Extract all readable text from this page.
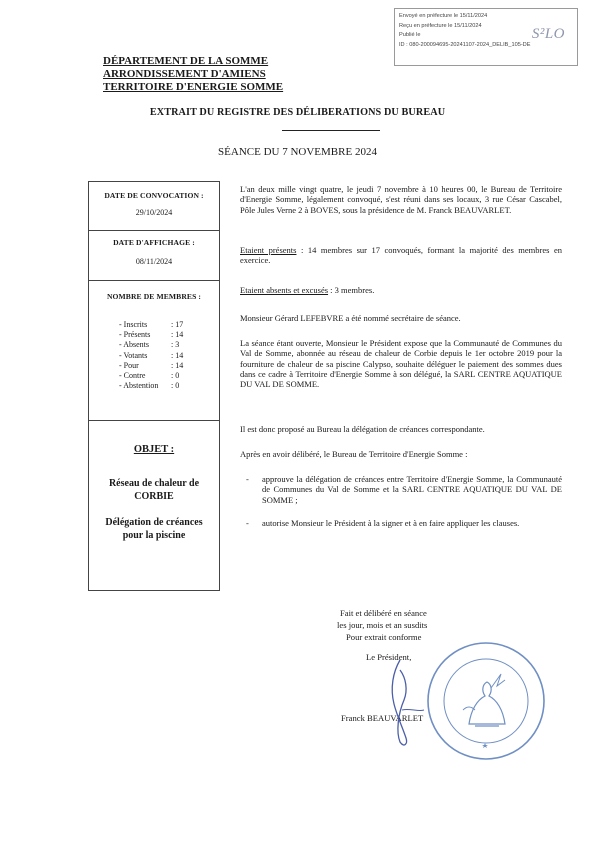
Envoyé en préfecture le 15/11/2024
Reçu en préfecture le 15/11/2024
Publié le
ID : 080-200094695-20241107-2024_DELIB_105-DE
S²LO
DÉPARTEMENT DE LA SOMME
ARRONDISSEMENT D'AMIENS
TERRITOIRE D'ENERGIE SOMME
EXTRAIT DU REGISTRE DES DÉLIBERATIONS DU BUREAU
SÉANCE DU 7 NOVEMBRE 2024
DATE DE CONVOCATION :
29/10/2024
DATE D'AFFICHAGE :
08/11/2024
NOMBRE DE MEMBRES :
- Inscrits	: 17
- Présents	: 14
- Absents	: 3
- Votants	: 14
- Pour	: 14
- Contre	: 0
- Abstention	: 0
OBJET :
Réseau de chaleur de
CORBIE
Délégation de créances
pour la piscine
L'an deux mille vingt quatre, le jeudi 7 novembre à 10 heures 00, le Bureau de Territoire d'Energie Somme, légalement convoqué, s'est réuni dans ses locaux, 3 rue César Cascabel, Pôle Jules Verne 2 à BOVES, sous la présidence de M. Franck BEAUVARLET.
Etaient présents : 14 membres sur 17 convoqués, formant la majorité des membres en exercice.
Etaient absents et excusés : 3 membres.
Monsieur Gérard LEFEBVRE a été nommé secrétaire de séance.
La séance étant ouverte, Monsieur le Président expose que la Communauté de Communes du Val de Somme, abonnée au réseau de chaleur de Corbie depuis le 1er octobre 2019 pour la fourniture de chaleur de sa piscine Calypso, souhaite déléguer le paiement des sommes dues dans ce cadre à Territoire d'Energie Somme à son délégué, la SARL CENTRE AQUATIQUE DU VAL DE SOMME.
Il est donc proposé au Bureau la délégation de créances correspondante.
Après en avoir délibéré, le Bureau de Territoire d'Energie Somme :
- approuve la délégation de créances entre Territoire d'Energie Somme, la Communauté de Communes du Val de Somme et la SARL CENTRE AQUATIQUE DU VAL DE SOMME ;
- autorise Monsieur le Président à la signer et à en faire appliquer les clauses.
Fait et délibéré en séance
les jour, mois et an susdits
Pour extrait conforme
Le Président,
Franck BEAUVARLET
